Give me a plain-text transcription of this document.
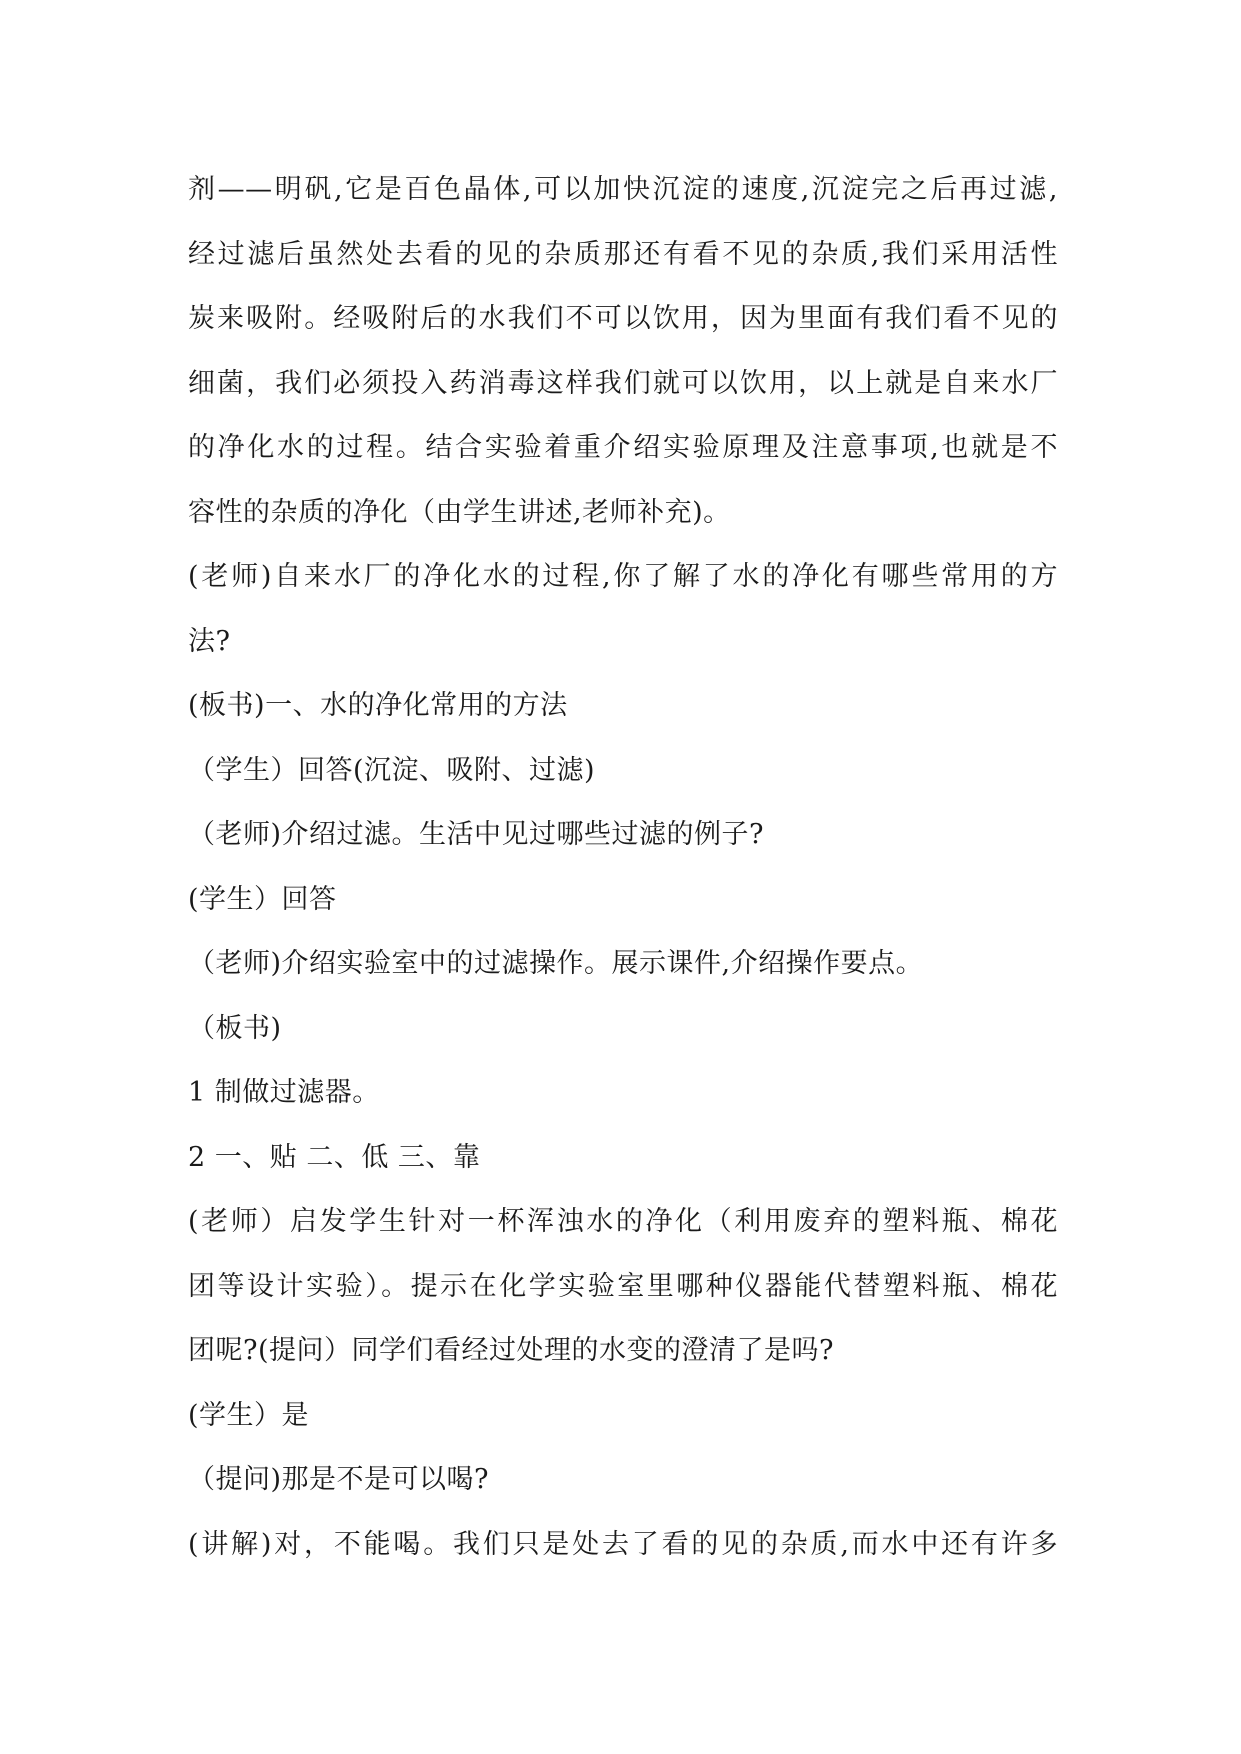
剂——明矾,它是百色晶体,可以加快沉淀的速度,沉淀完之后再过滤,
经过滤后虽然处去看的见的杂质那还有看不见的杂质,我们采用活性
炭来吸附。经吸附后的水我们不可以饮用，因为里面有我们看不见的
细菌，我们必须投入药消毒这样我们就可以饮用，以上就是自来水厂
的净化水的过程。结合实验着重介绍实验原理及注意事项,也就是不
容性的杂质的净化（由学生讲述,老师补充)。
(老师)自来水厂的净化水的过程,你了解了水的净化有哪些常用的方
法?
(板书)一、水的净化常用的方法
（学生）回答(沉淀、吸附、过滤)
（老师)介绍过滤。生活中见过哪些过滤的例子?
(学生）回答
（老师)介绍实验室中的过滤操作。展示课件,介绍操作要点。
（板书)
1 制做过滤器。
2 一、贴 二、低 三、靠
(老师）启发学生针对一杯浑浊水的净化（利用废弃的塑料瓶、棉花
团等设计实验）。提示在化学实验室里哪种仪器能代替塑料瓶、棉花
团呢?(提问）同学们看经过处理的水变的澄清了是吗?
(学生）是
（提问)那是不是可以喝?
(讲解)对，不能喝。我们只是处去了看的见的杂质,而水中还有许多
